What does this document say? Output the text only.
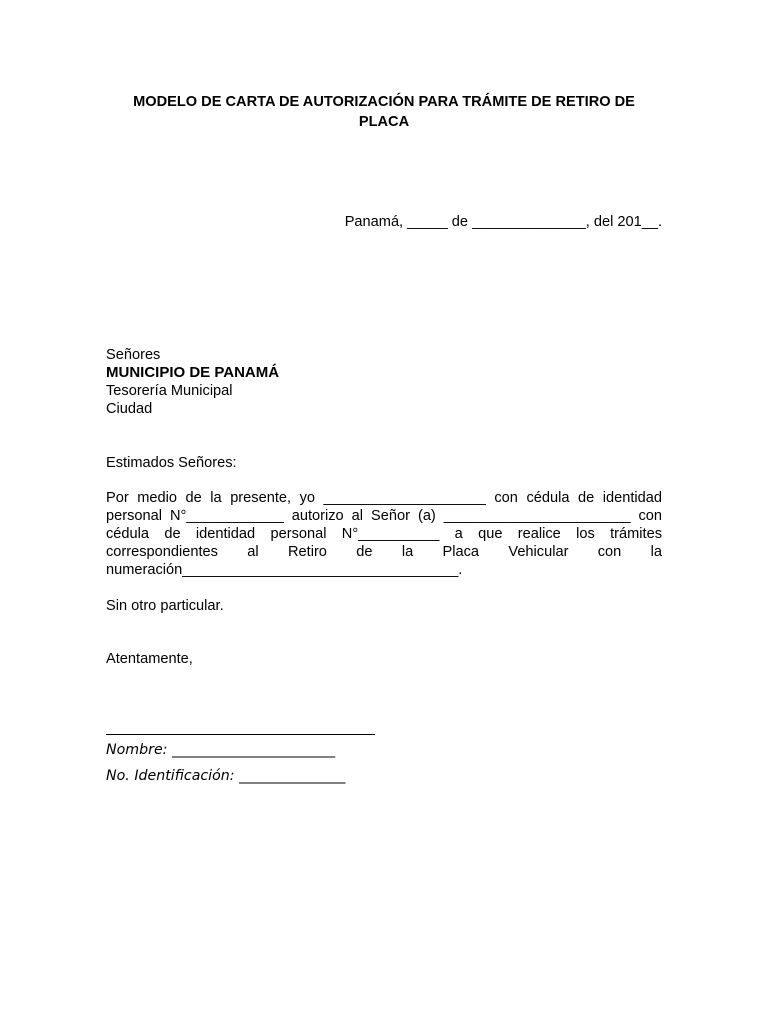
MODELO DE CARTA DE AUTORIZACIÓN PARA TRÁMITE DE RETIRO DE
PLACA
Panamá, _____ de ______________, del 201__.
Señores
MUNICIPIO DE PANAMÁ
Tesorería Municipal
Ciudad
Estimados Señores:
Por medio de la presente, yo ____________________ con cédula de identidad
personal N°____________ autorizo al Señor (a) _______________________ con
cédula de identidad personal N°__________ a que realice los trámites
correspondientes al Retiro de la Placa Vehicular con la
numeración__________________________________.
Sin otro particular.
Atentamente,
Nombre: _______________________
No. Identificación: _______________
